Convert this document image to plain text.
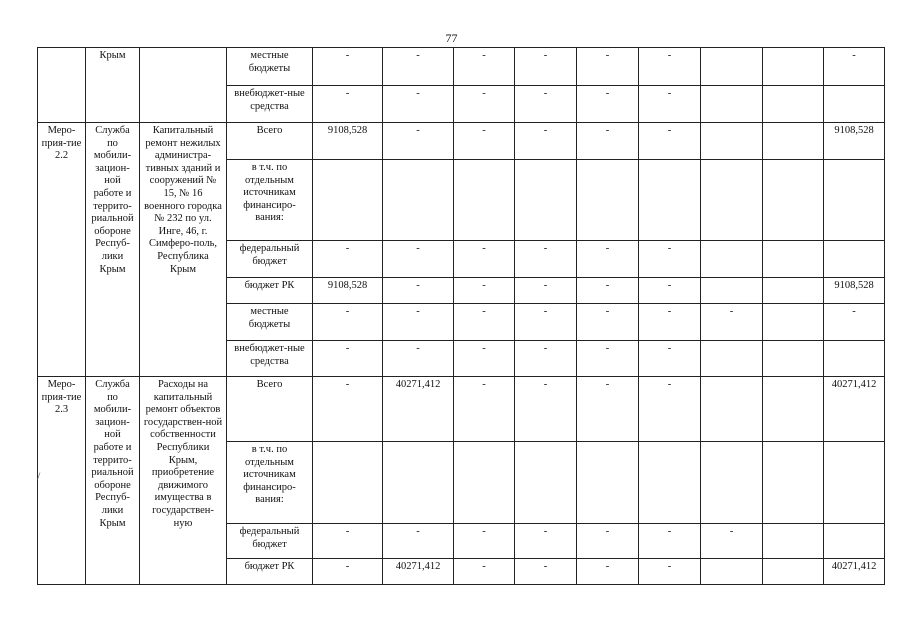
77
	Крым		местные бюджеты	-	-	-	-	-	-			-
			внебюджет-ные средства	-	-	-	-	-	-			
Меро-прия-тие 2.2	Служба по мобили-зацион-ной работе и террито-риальной обороне Респуб-лики Крым	Капитальный ремонт нежилых администра-тивных зданий и сооружений № 15, № 16 военного городка № 232 по ул. Инге, 46, г. Симферо-поль, Республика Крым	Всего	9108,528	-	-	-	-	-			9108,528
			в т.ч. по отдельным источникам финансиро-вания:									
			федеральный бюджет	-	-	-	-	-	-			
			бюджет РК	9108,528	-	-	-	-	-			9108,528
			местные бюджеты	-	-	-	-	-	-	-		-
			внебюджет-ные средства	-	-	-	-	-	-			
Меро-прия-тие 2.3	Служба по мобили-зацион-ной работе и террито-риальной обороне Респуб-лики Крым	Расходы на капитальный ремонт объектов государствен-ной собственности Республики Крым, приобретение движимого имущества в государствен-ную	Всего	-	40271,412	-	-	-	-			40271,412
			в т.ч. по отдельным источникам финансиро-вания:									
			федеральный бюджет	-	-	-	-	-	-	-		
			бюджет РК	-	40271,412	-	-	-	-			40271,412
/
